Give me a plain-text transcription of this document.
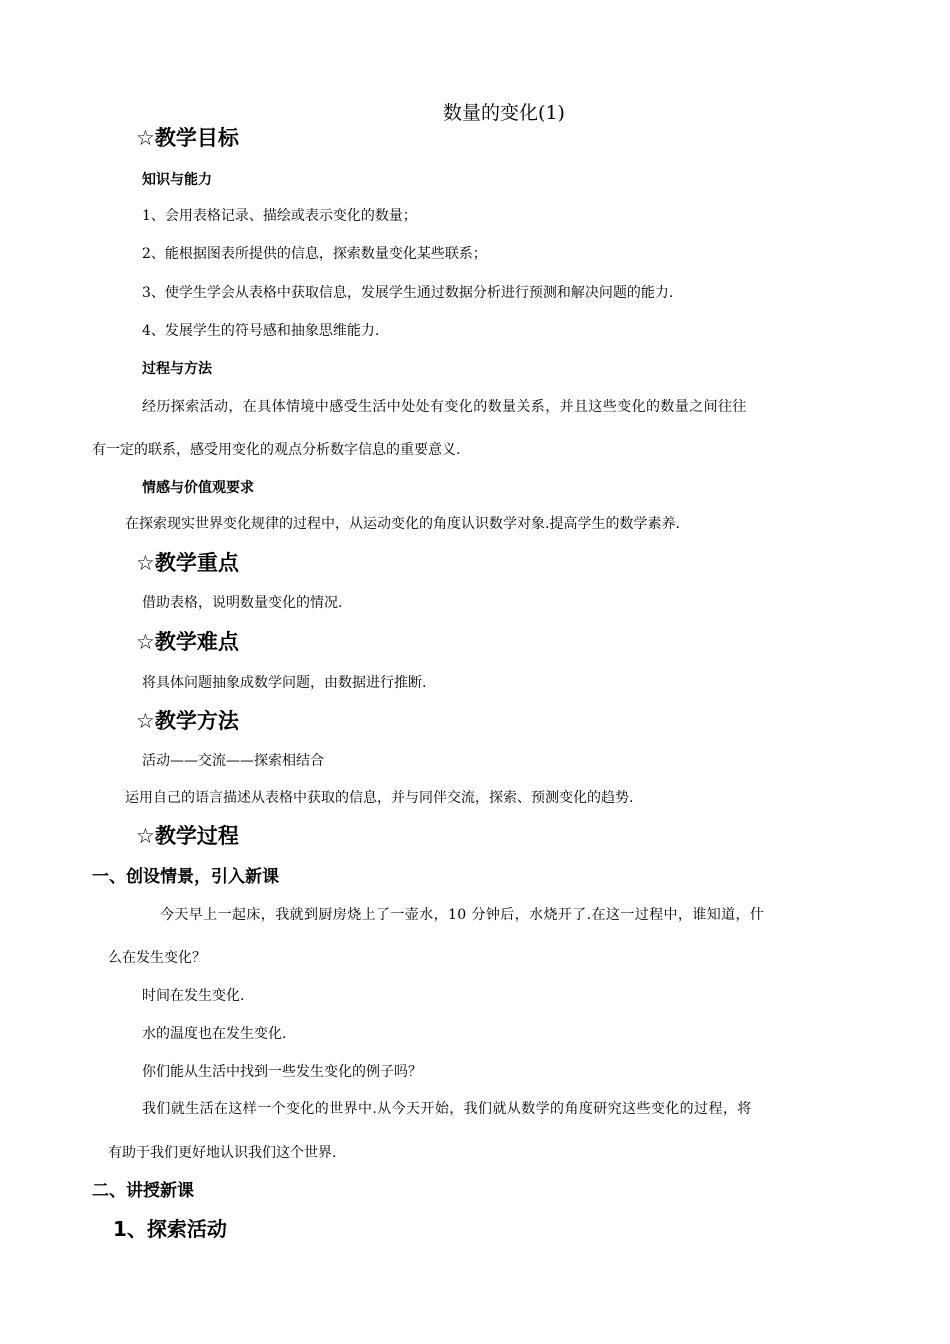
数量的变化(1)
☆教学目标
知识与能力
1、会用表格记录、描绘或表示变化的数量；
2、能根据图表所提供的信息，探索数量变化某些联系；
3、使学生学会从表格中获取信息，发展学生通过数据分析进行预测和解决问题的能力.
4、发展学生的符号感和抽象思维能力.
过程与方法
经历探索活动，在具体情境中感受生活中处处有变化的数量关系，并且这些变化的数量之间往往
有一定的联系，感受用变化的观点分析数字信息的重要意义.
情感与价值观要求
在探索现实世界变化规律的过程中，从运动变化的角度认识数学对象.提高学生的数学素养.
☆教学重点
借助表格，说明数量变化的情况.
☆教学难点
将具体问题抽象成数学问题，由数据进行推断.
☆教学方法
活动——交流——探索相结合
运用自己的语言描述从表格中获取的信息，并与同伴交流，探索、预测变化的趋势.
☆教学过程
一、创设情景，引入新课
今天早上一起床，我就到厨房烧上了一壶水，10 分钟后，水烧开了.在这一过程中，谁知道，什
么在发生变化？
时间在发生变化.
水的温度也在发生变化.
你们能从生活中找到一些发生变化的例子吗？
我们就生活在这样一个变化的世界中.从今天开始，我们就从数学的角度研究这些变化的过程，将
有助于我们更好地认识我们这个世界.
二、讲授新课
1、探索活动
